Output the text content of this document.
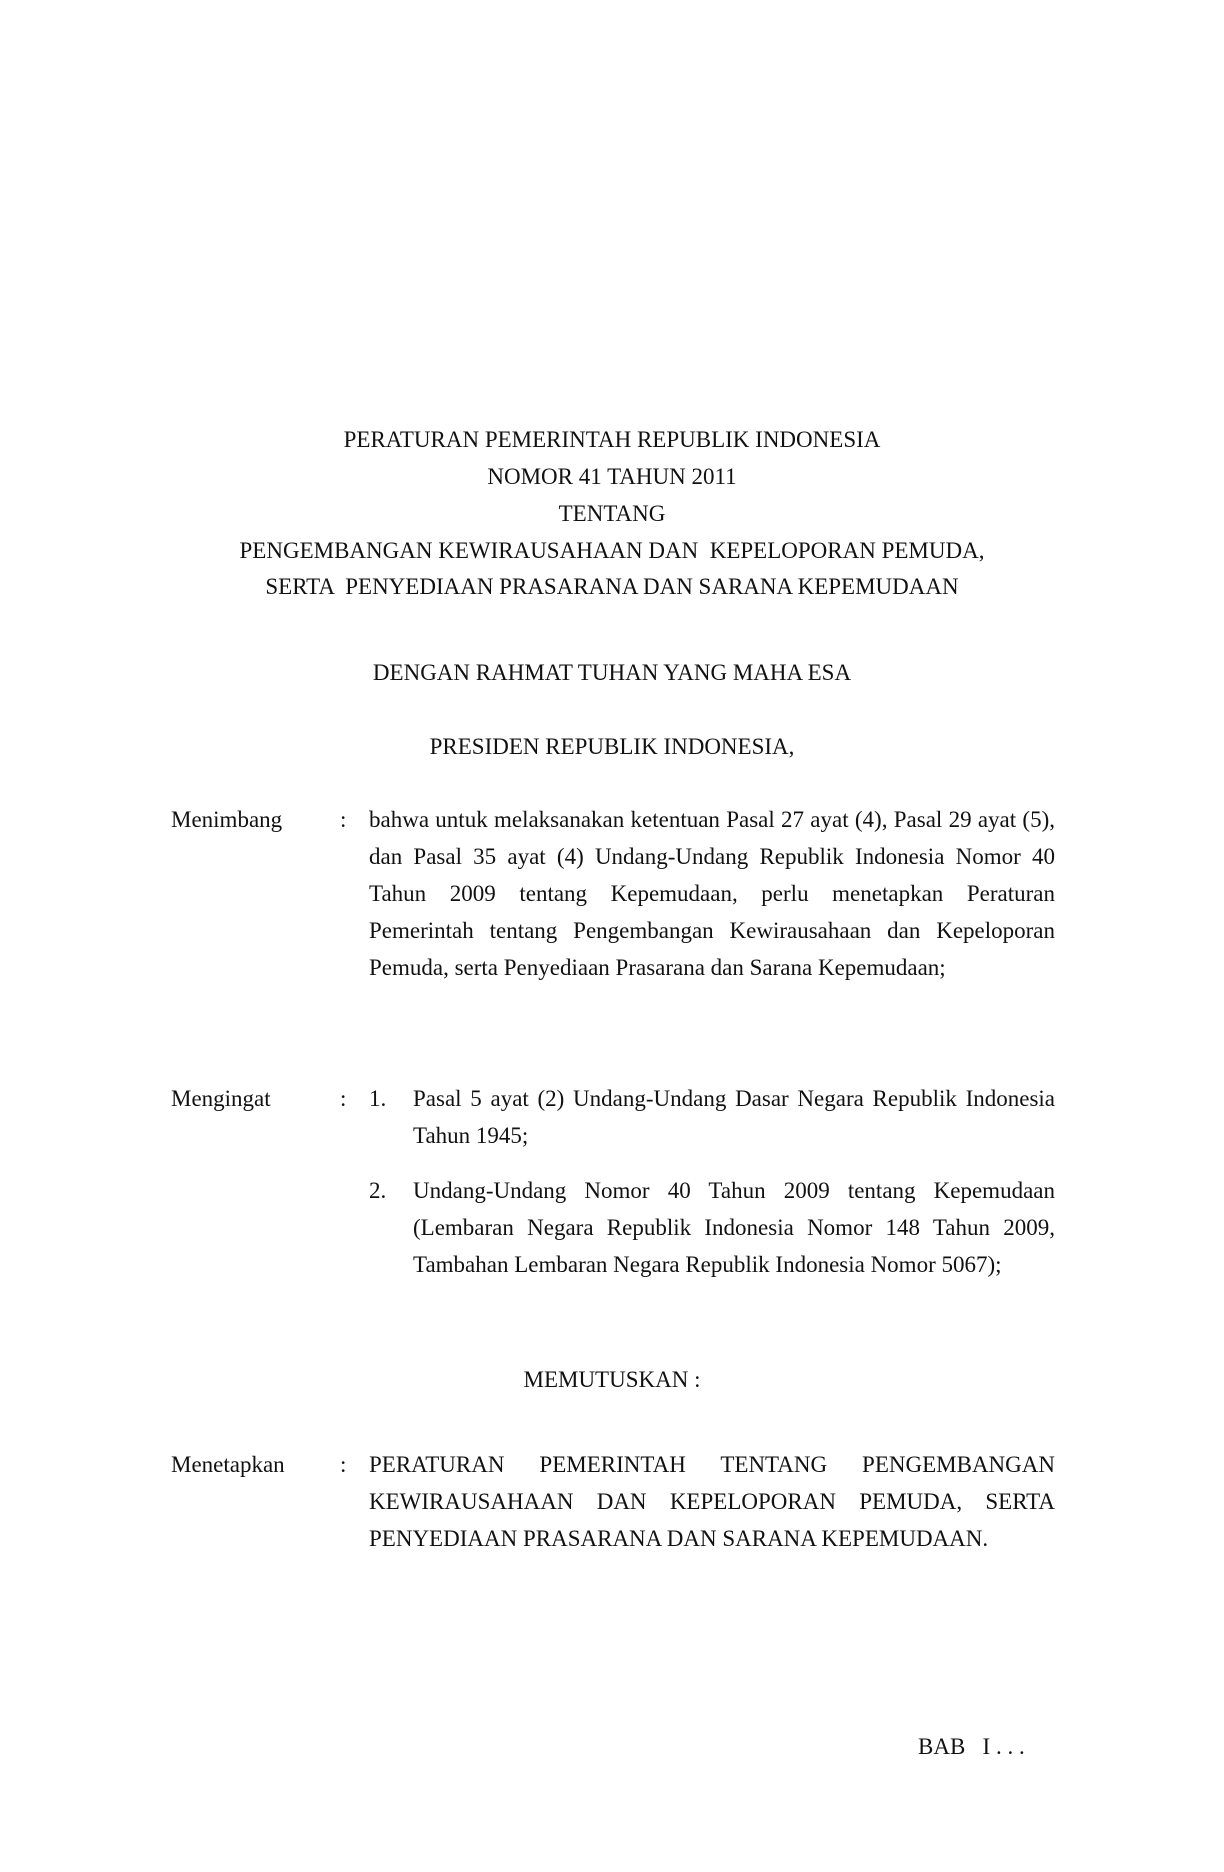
PERATURAN PEMERINTAH REPUBLIK INDONESIA
NOMOR 41 TAHUN 2011
TENTANG
PENGEMBANGAN KEWIRAUSAHAAN DAN  KEPELOPORAN PEMUDA,
SERTA  PENYEDIAAN PRASARANA DAN SARANA KEPEMUDAAN
DENGAN RAHMAT TUHAN YANG MAHA ESA
PRESIDEN REPUBLIK INDONESIA,
Menimbang	: bahwa untuk melaksanakan ketentuan Pasal 27 ayat (4), Pasal 29 ayat (5), dan Pasal 35 ayat (4) Undang-Undang Republik Indonesia Nomor 40 Tahun 2009 tentang Kepemudaan, perlu menetapkan Peraturan Pemerintah tentang Pengembangan Kewirausahaan dan Kepeloporan Pemuda, serta Penyediaan Prasarana dan Sarana Kepemudaan;
Mengingat	: 1. Pasal 5 ayat (2) Undang-Undang Dasar Negara Republik Indonesia Tahun 1945;
2. Undang-Undang Nomor 40 Tahun 2009 tentang Kepemudaan (Lembaran Negara Republik Indonesia Nomor 148 Tahun 2009, Tambahan Lembaran Negara Republik Indonesia Nomor 5067);
MEMUTUSKAN :
Menetapkan : PERATURAN PEMERINTAH TENTANG PENGEMBANGAN KEWIRAUSAHAAN DAN KEPELOPORAN PEMUDA, SERTA PENYEDIAAN PRASARANA DAN SARANA KEPEMUDAAN.
BAB   I . . .
